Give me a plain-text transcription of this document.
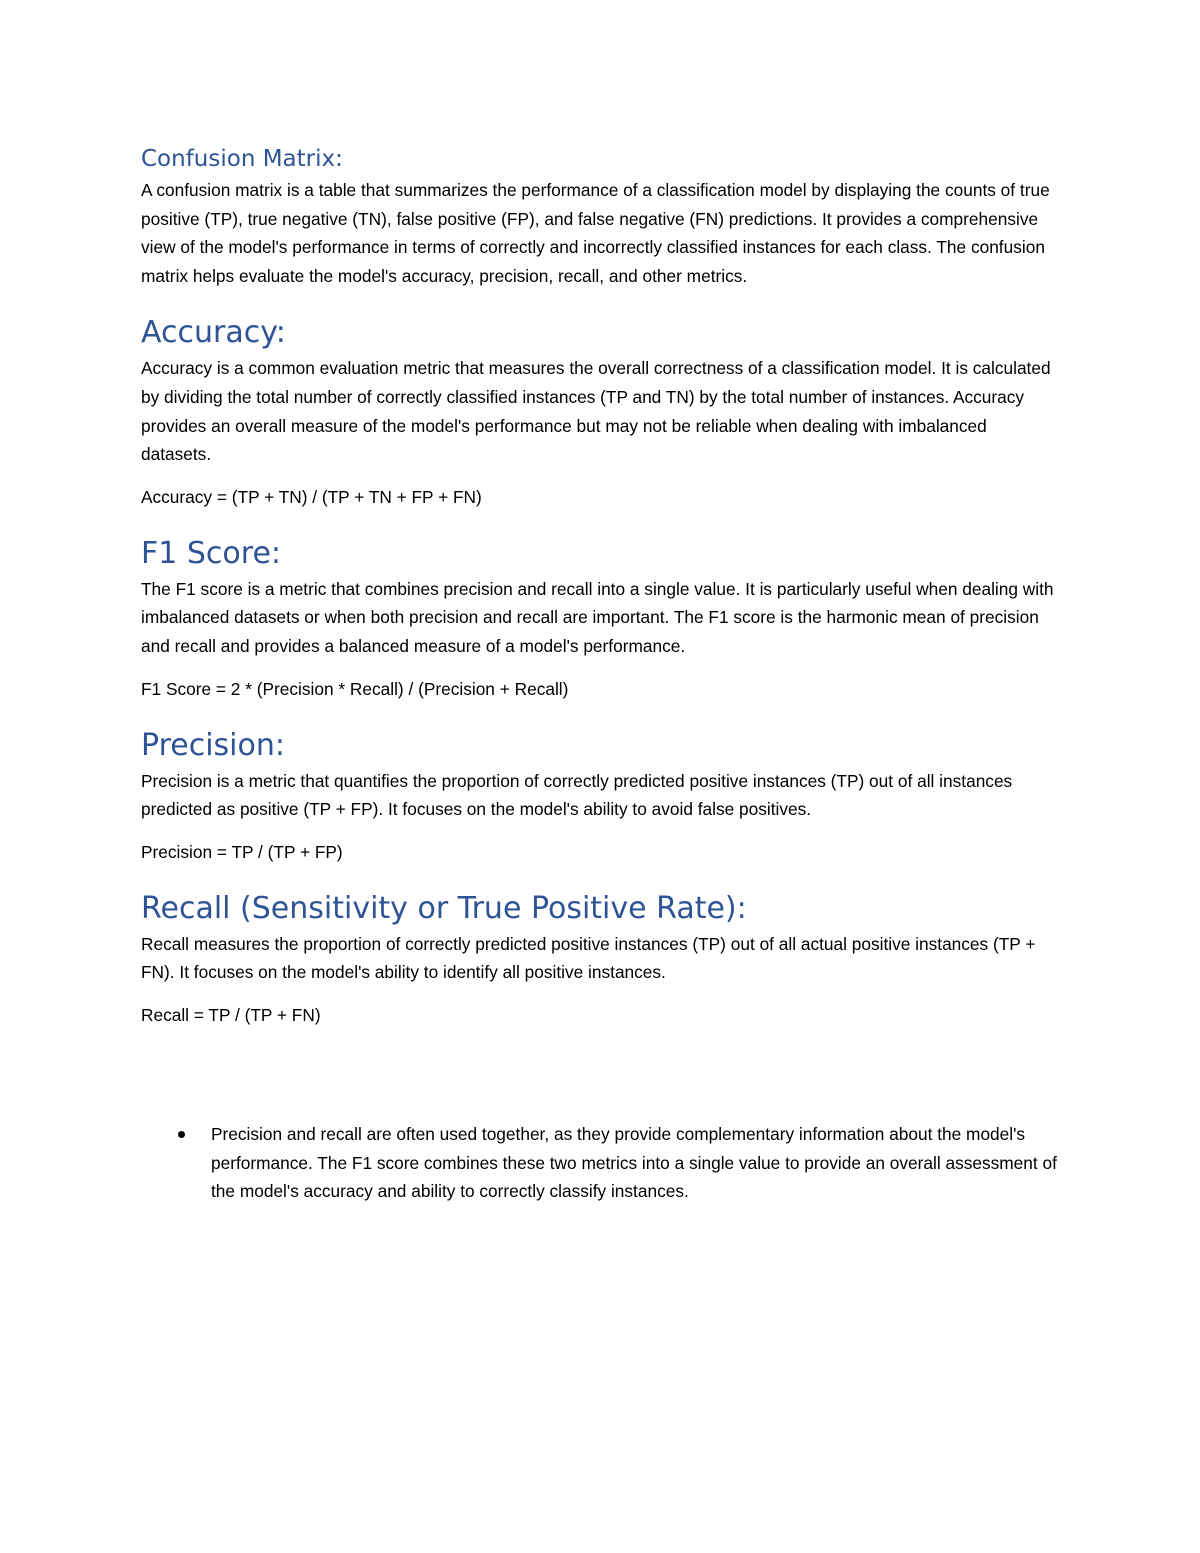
Confusion Matrix:

A confusion matrix is a table that summarizes the performance of a classification model by displaying the counts of true positive (TP), true negative (TN), false positive (FP), and false negative (FN) predictions. It provides a comprehensive view of the model's performance in terms of correctly and incorrectly classified instances for each class. The confusion matrix helps evaluate the model's accuracy, precision, recall, and other metrics.

Accuracy:

Accuracy is a common evaluation metric that measures the overall correctness of a classification model. It is calculated by dividing the total number of correctly classified instances (TP and TN) by the total number of instances. Accuracy provides an overall measure of the model's performance but may not be reliable when dealing with imbalanced datasets.

Accuracy = (TP + TN) / (TP + TN + FP + FN)

F1 Score:

The F1 score is a metric that combines precision and recall into a single value. It is particularly useful when dealing with imbalanced datasets or when both precision and recall are important. The F1 score is the harmonic mean of precision and recall and provides a balanced measure of a model's performance.

F1 Score = 2 * (Precision * Recall) / (Precision + Recall)

Precision:

Precision is a metric that quantifies the proportion of correctly predicted positive instances (TP) out of all instances predicted as positive (TP + FP). It focuses on the model's ability to avoid false positives.

Precision = TP / (TP + FP)

Recall (Sensitivity or True Positive Rate):

Recall measures the proportion of correctly predicted positive instances (TP) out of all actual positive instances (TP + FN). It focuses on the model's ability to identify all positive instances.

Recall = TP / (TP + FN)

Precision and recall are often used together, as they provide complementary information about the model's performance. The F1 score combines these two metrics into a single value to provide an overall assessment of the model's accuracy and ability to correctly classify instances.
